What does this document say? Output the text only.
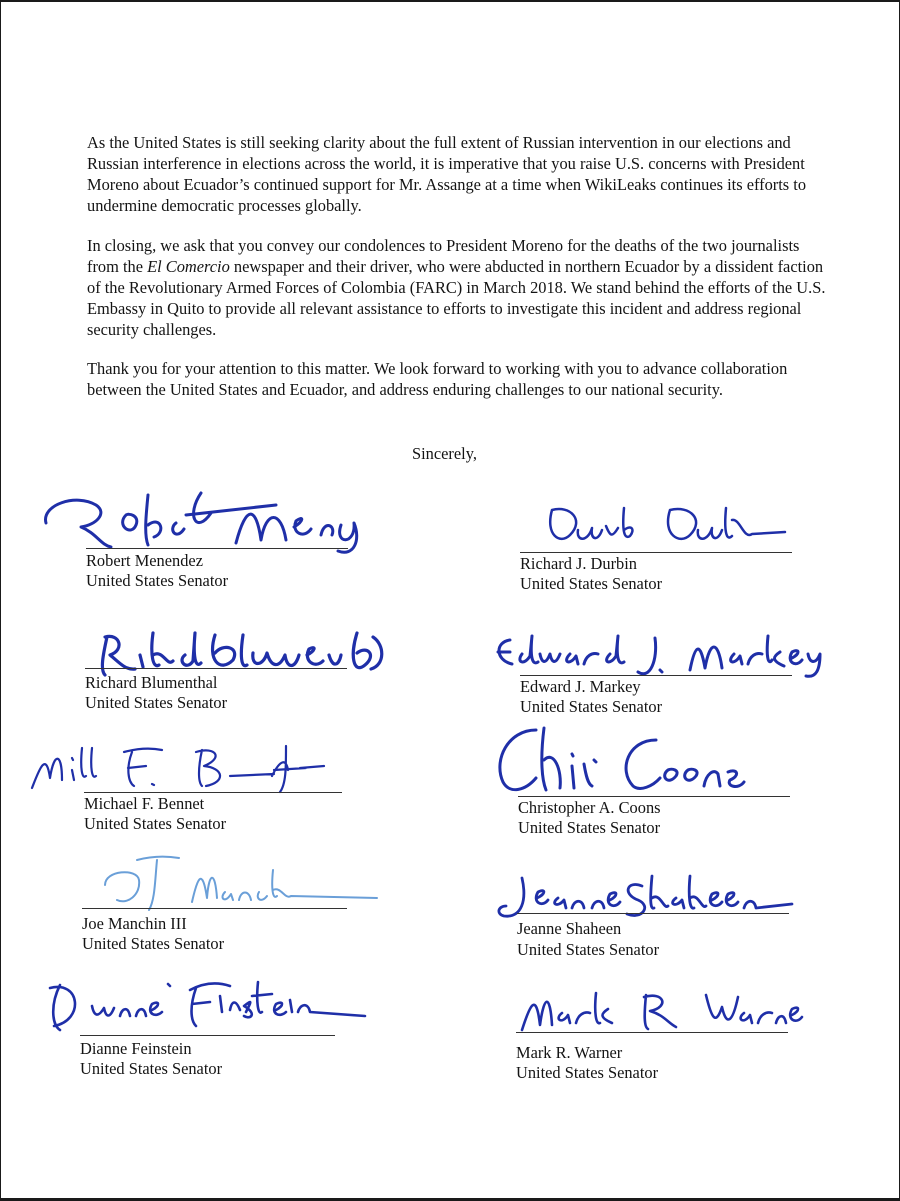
As the United States is still seeking clarity about the full extent of Russian intervention in our elections and Russian interference in elections across the world, it is imperative that you raise U.S. concerns with President Moreno about Ecuador’s continued support for Mr. Assange at a time when WikiLeaks continues its efforts to undermine democratic processes globally.

In closing, we ask that you convey our condolences to President Moreno for the deaths of the two journalists from the El Comercio newspaper and their driver, who were abducted in northern Ecuador by a dissident faction of the Revolutionary Armed Forces of Colombia (FARC) in March 2018. We stand behind the efforts of the U.S. Embassy in Quito to provide all relevant assistance to efforts to investigate this incident and address regional security challenges.

Thank you for your attention to this matter. We look forward to working with you to advance collaboration between the United States and Ecuador, and address enduring challenges to our national security.

Sincerely,
Robert Menendez
United States Senator
Richard J. Durbin
United States Senator
Richard Blumenthal
United States Senator
Edward J. Markey
United States Senator
Michael F. Bennet
United States Senator
Christopher A. Coons
United States Senator
Joe Manchin III
United States Senator
Jeanne Shaheen
United States Senator
Dianne Feinstein
United States Senator
Mark R. Warner
United States Senator
